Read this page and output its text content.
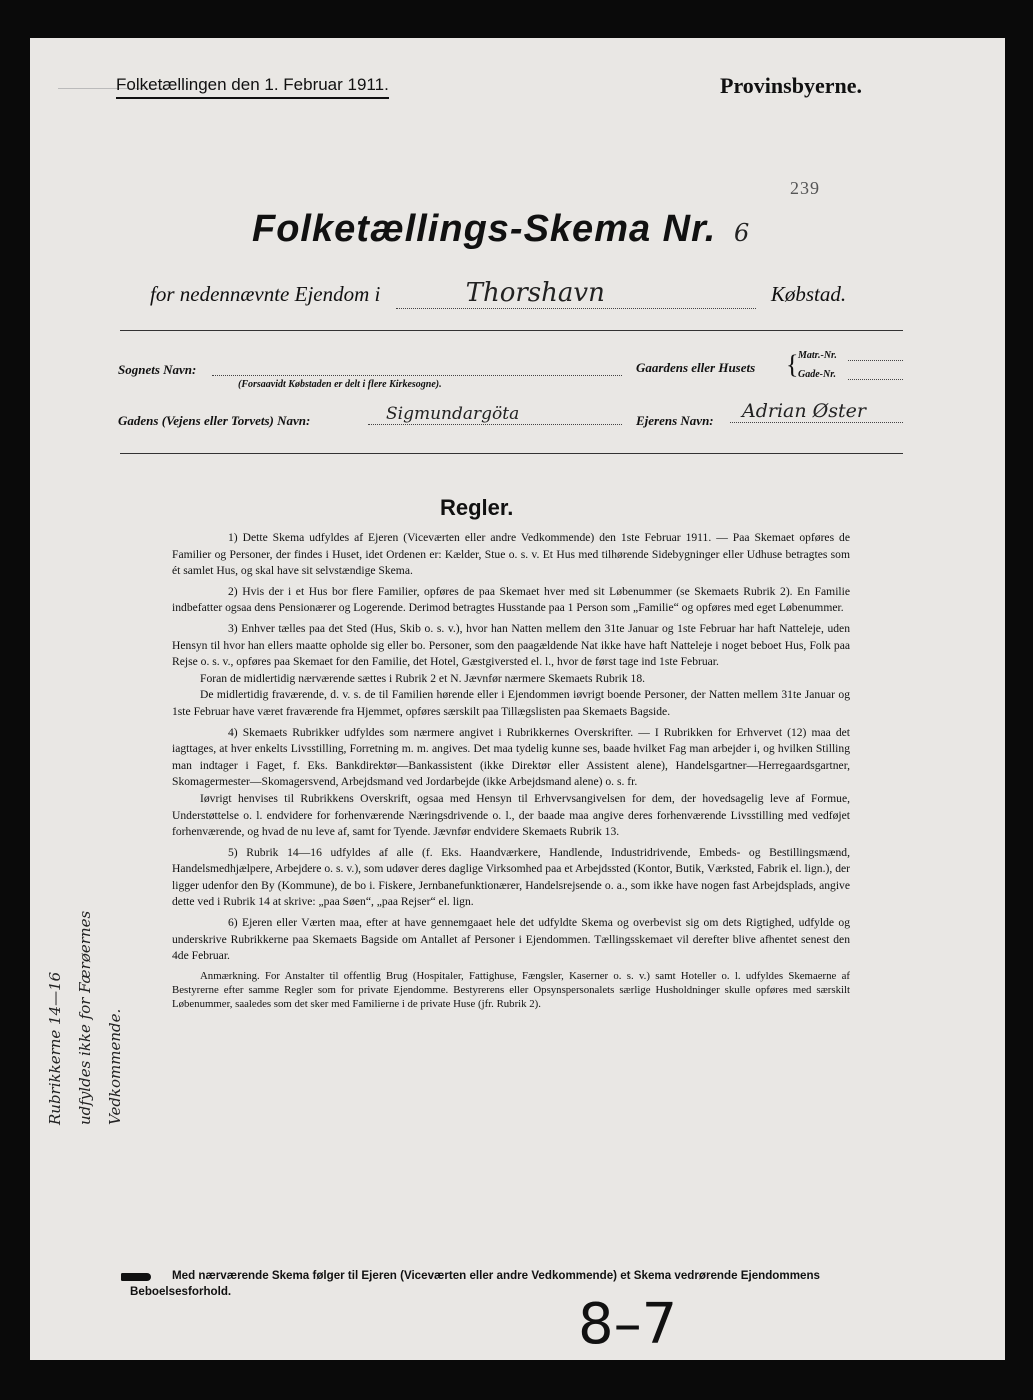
Folketællingen den 1. Februar 1911.	Provinsbyerne.
239
Folketællings-Skema Nr. 6
for nedennævnte Ejendom i	Thorshavn	Købstad.
Sognets Navn:
(Forsaavidt Købstaden er delt i flere Kirkesogne).
Gaardens eller Husets { Matr.-Nr.
Gade-Nr.
Gadens (Vejens eller Torvets) Navn:	Sigmundargöta	Ejerens Navn:	Adrian Øster
Regler.

1) Dette Skema udfyldes af Ejeren (Viceværten eller andre Vedkommende) den 1ste Februar 1911. — Paa Skemaet opføres de Familier og Personer, der findes i Huset, idet Ordenen er: Kælder, Stue o. s. v. Et Hus med tilhørende Sidebygninger eller Udhuse betragtes som ét samlet Hus, og skal have sit selvstændige Skema.

2) Hvis der i et Hus bor flere Familier, opføres de paa Skemaet hver med sit Løbenummer (se Skemaets Rubrik 2). En Familie indbefatter ogsaa dens Pensionærer og Logerende. Derimod betragtes Husstande paa 1 Person som „Familie“ og opføres med eget Løbenummer.

3) Enhver tælles paa det Sted (Hus, Skib o. s. v.), hvor han Natten mellem den 31te Januar og 1ste Februar har haft Natteleje, uden Hensyn til hvor han ellers maatte opholde sig eller bo. Personer, som den paagældende Nat ikke have haft Natteleje i noget beboet Hus, Folk paa Rejse o. s. v., opføres paa Skemaet for den Familie, det Hotel, Gæstgiversted el. l., hvor de først tage ind 1ste Februar.

Foran de midlertidig nærværende sættes i Rubrik 2 et N. Jævnfør nærmere Skemaets Rubrik 18.

De midlertidig fraværende, d. v. s. de til Familien hørende eller i Ejendommen iøvrigt boende Personer, der Natten mellem 31te Januar og 1ste Februar have været fraværende fra Hjemmet, opføres særskilt paa Tillægslisten paa Skemaets Bagside.

4) Skemaets Rubrikker udfyldes som nærmere angivet i Rubrikkernes Overskrifter. — I Rubrikken for Erhvervet (12) maa det iagttages, at hver enkelts Livsstilling, Forretning m. m. angives. Det maa tydelig kunne ses, baade hvilket Fag man arbejder i, og hvilken Stilling man indtager i Faget, f. Eks. Bankdirektør—Bankassistent (ikke Direktør eller Assistent alene), Handelsgartner—Herregaardsgartner, Skomagermester—Skomagersvend, Arbejdsmand ved Jordarbejde (ikke Arbejdsmand alene) o. s. fr.

Iøvrigt henvises til Rubrikkens Overskrift, ogsaa med Hensyn til Erhvervsangivelsen for dem, der hovedsagelig leve af Formue, Understøttelse o. l. endvidere for forhenværende Næringsdrivende o. l., der baade maa angive deres forhenværende Livsstilling med vedføjet forhenværende, og hvad de nu leve af, samt for Tyende. Jævnfør endvidere Skemaets Rubrik 13.

5) Rubrik 14—16 udfyldes af alle (f. Eks. Haandværkere, Handlende, Industridrivende, Embeds- og Bestillingsmænd, Handelsmedhjælpere, Arbejdere o. s. v.), som udøver deres daglige Virksomhed paa et Arbejdssted (Kontor, Butik, Værksted, Fabrik el. lign.), der ligger udenfor den By (Kommune), de bo i. Fiskere, Jernbanefunktionærer, Handelsrejsende o. a., som ikke have nogen fast Arbejdsplads, angive dette ved i Rubrik 14 at skrive: „paa Søen“, „paa Rejser“ el. lign.

6) Ejeren eller Værten maa, efter at have gennemgaaet hele det udfyldte Skema og overbevist sig om dets Rigtighed, udfylde og underskrive Rubrikkerne paa Skemaets Bagside om Antallet af Personer i Ejendommen. Tællingsskemaet vil derefter blive afhentet senest den 4de Februar.

Anmærkning. For Anstalter til offentlig Brug (Hospitaler, Fattighuse, Fængsler, Kaserner o. s. v.) samt Hoteller o. l. udfyldes Skemaerne af Bestyrerne efter samme Regler som for private Ejendomme. Bestyrerens eller Opsynspersonalets særlige Husholdninger skulle opføres med særskilt Løbenummer, saaledes som det sker med Familierne i de private Huse (jfr. Rubrik 2).

Rubrikkerne 14—16 udfyldes ikke for Færøernes Vedkommende.
Med nærværende Skema følger til Ejeren (Viceværten eller andre Vedkommende) et Skema vedrørende Ejendommens Beboelsesforhold.
8–7
